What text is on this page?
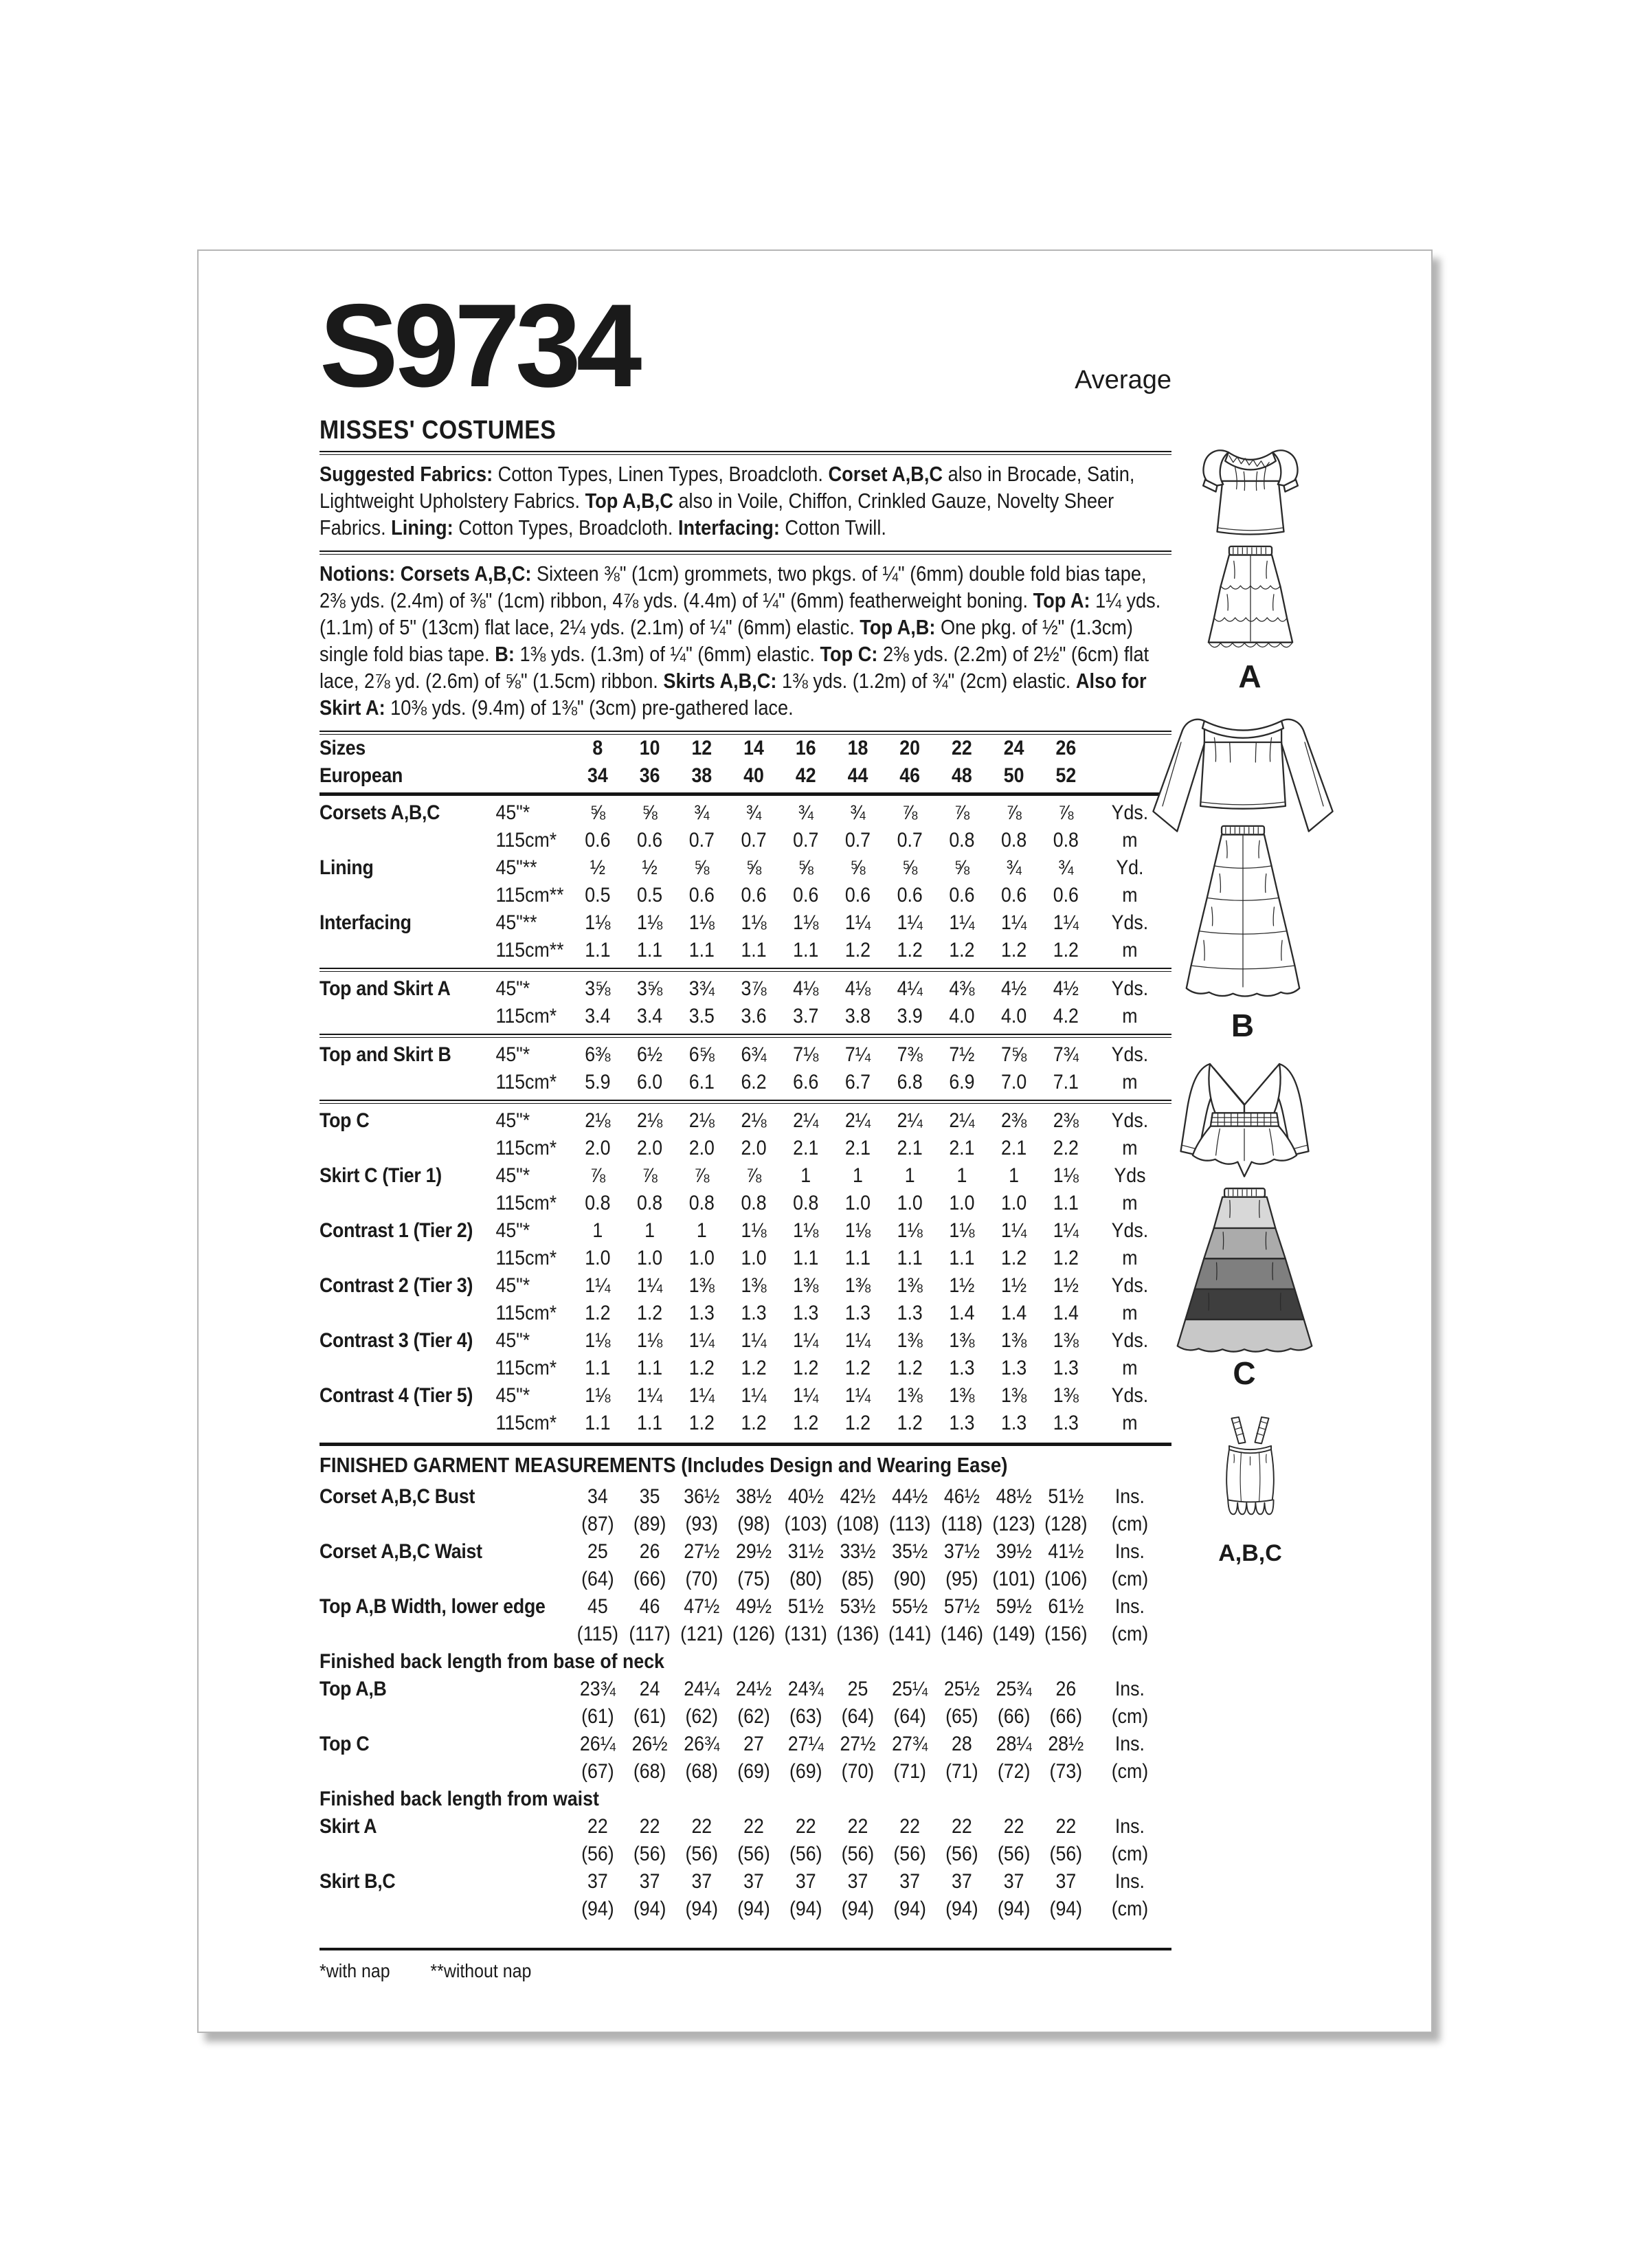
S9734	Average
MISSES' COSTUMES

Suggested Fabrics: Cotton Types, Linen Types, Broadcloth. Corset A,B,C also in Brocade, Satin, Lightweight Upholstery Fabrics. Top A,B,C also in Voile, Chiffon, Crinkled Gauze, Novelty Sheer Fabrics. Lining: Cotton Types, Broadcloth. Interfacing: Cotton Twill.

Notions: Corsets A,B,C: Sixteen ⅜" (1cm) grommets, two pkgs. of ¼" (6mm) double fold bias tape, 2⅜ yds. (2.4m) of ⅜" (1cm) ribbon, 4⅞ yds. (4.4m) of ¼" (6mm) featherweight boning. Top A: 1¼ yds. (1.1m) of 5" (13cm) flat lace, 2¼ yds. (2.1m) of ¼" (6mm) elastic. Top A,B: One pkg. of ½" (1.3cm) single fold bias tape. B: 1⅜ yds. (1.3m) of ¼" (6mm) elastic. Top C: 2⅜ yds. (2.2m) of 2½" (6cm) flat lace, 2⅞ yd. (2.6m) of ⅝" (1.5cm) ribbon. Skirts A,B,C: 1⅜ yds. (1.2m) of ¾" (2cm) elastic. Also for Skirt A: 10⅜ yds. (9.4m) of 1⅜" (3cm) pre-gathered lace.

Sizes	8	10	12	14	16	18	20	22	24	26
European	34	36	38	40	42	44	46	48	50	52
Corsets A,B,C	45"*	⅝	⅝	¾	¾	¾	¾	⅞	⅞	⅞	⅞	Yds.
115cm*	0.6	0.6	0.7	0.7	0.7	0.7	0.7	0.8	0.8	0.8	m
Lining	45"**	½	½	⅝	⅝	⅝	⅝	⅝	⅝	¾	¾	Yd.
115cm**	0.5	0.5	0.6	0.6	0.6	0.6	0.6	0.6	0.6	0.6	m
Interfacing	45"**	1⅛	1⅛	1⅛	1⅛	1⅛	1¼	1¼	1¼	1¼	1¼	Yds.
115cm**	1.1	1.1	1.1	1.1	1.1	1.2	1.2	1.2	1.2	1.2	m
Top and Skirt A	45"*	3⅝	3⅝	3¾	3⅞	4⅛	4⅛	4¼	4⅜	4½	4½	Yds.
115cm*	3.4	3.4	3.5	3.6	3.7	3.8	3.9	4.0	4.0	4.2	m
Top and Skirt B	45"*	6⅜	6½	6⅝	6¾	7⅛	7¼	7⅜	7½	7⅝	7¾	Yds.
115cm*	5.9	6.0	6.1	6.2	6.6	6.7	6.8	6.9	7.0	7.1	m
Top C	45"*	2⅛	2⅛	2⅛	2⅛	2¼	2¼	2¼	2¼	2⅜	2⅜	Yds.
115cm*	2.0	2.0	2.0	2.0	2.1	2.1	2.1	2.1	2.1	2.2	m
Skirt C (Tier 1)	45"*	⅞	⅞	⅞	⅞	1	1	1	1	1	1⅛	Yds
115cm*	0.8	0.8	0.8	0.8	0.8	1.0	1.0	1.0	1.0	1.1	m
Contrast 1 (Tier 2)	45"*	1	1	1	1⅛	1⅛	1⅛	1⅛	1⅛	1¼	1¼	Yds.
115cm*	1.0	1.0	1.0	1.0	1.1	1.1	1.1	1.1	1.2	1.2	m
Contrast 2 (Tier 3)	45"*	1¼	1¼	1⅜	1⅜	1⅜	1⅜	1⅜	1½	1½	1½	Yds.
115cm*	1.2	1.2	1.3	1.3	1.3	1.3	1.3	1.4	1.4	1.4	m
Contrast 3 (Tier 4)	45"*	1⅛	1⅛	1¼	1¼	1¼	1¼	1⅜	1⅜	1⅜	1⅜	Yds.
115cm*	1.1	1.1	1.2	1.2	1.2	1.2	1.2	1.3	1.3	1.3	m
Contrast 4 (Tier 5)	45"*	1⅛	1¼	1¼	1¼	1¼	1¼	1⅜	1⅜	1⅜	1⅜	Yds.
115cm*	1.1	1.1	1.2	1.2	1.2	1.2	1.2	1.3	1.3	1.3	m
FINISHED GARMENT MEASUREMENTS (Includes Design and Wearing Ease)
Corset A,B,C Bust	34	35	36½ 38½ 40½ 42½ 44½ 46½ 48½ 51½	Ins.
(87) (89) (93) (98) (103) (108) (113) (118) (123) (128)	(cm)
Corset A,B,C Waist	25	26	27½ 29½ 31½ 33½ 35½ 37½ 39½ 41½	Ins.
(64) (66) (70) (75) (80) (85) (90) (95) (101) (106)	(cm)
Top A,B Width, lower edge	45	46	47½ 49½ 51½ 53½ 55½ 57½ 59½ 61½	Ins.
(115) (117) (121) (126) (131) (136) (141) (146) (149) (156)	(cm)
Finished back length from base of neck
Top A,B	23¾	24	24¼ 24½ 24¾	25	25¼ 25½ 25¾	26	Ins.
(61) (61) (62) (62) (63) (64) (64) (65) (66) (66)	(cm)
Top C	26¼ 26½ 26¾	27	27¼ 27½ 27¾	28	28¼ 28½	Ins.
(67) (68) (68) (69) (69) (70) (71) (71) (72) (73)	(cm)
Finished back length from waist
Skirt A	22	22	22	22	22	22	22	22	22	22	Ins.
(56) (56) (56) (56) (56) (56) (56) (56) (56) (56)	(cm)
Skirt B,C	37	37	37	37	37	37	37	37	37	37	Ins.
(94) (94) (94) (94) (94) (94) (94) (94) (94) (94)	(cm)

*with nap **without nap

A
B
C
A,B,C
